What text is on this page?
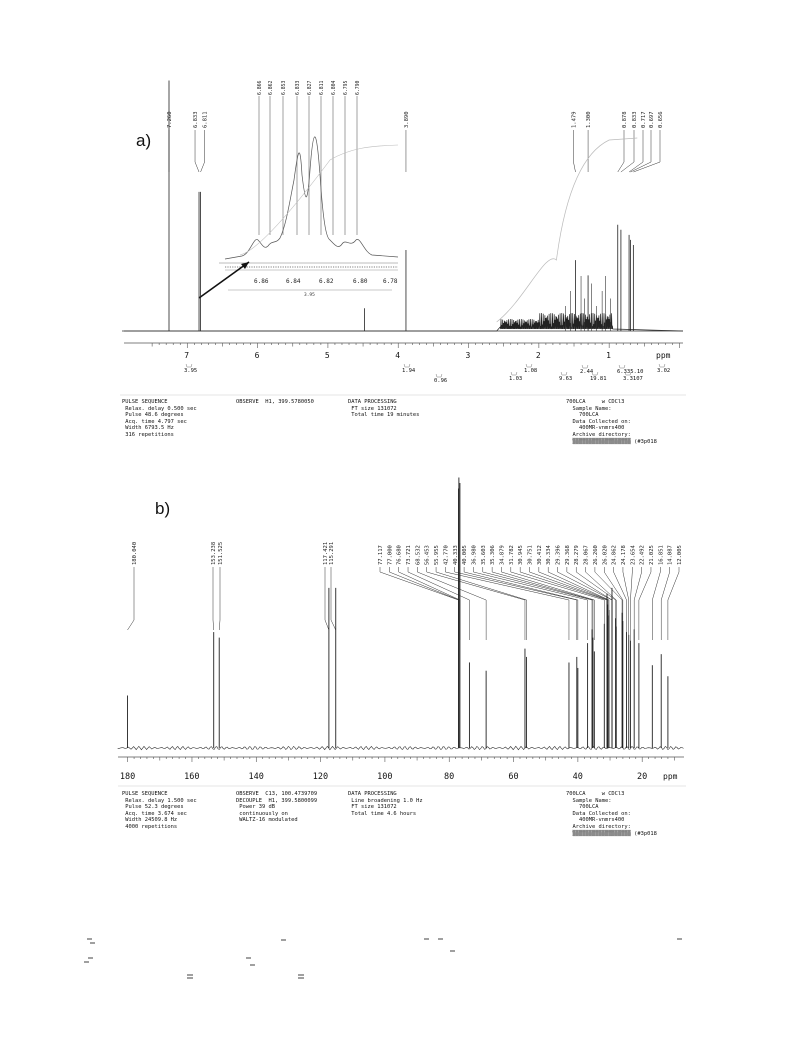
a)
7.260	6.833 6.811	3.890	1.479 1.300	0.878 0.833 0.717 0.697 0.656
6.866 6.862 6.853 6.833 6.827 6.811 6.804 6.795 6.790
6.86	6.84	6.82	6.80	6.78
3.95
7	6	5	4	3	2	1	ppm
3.95
0.96
1.94	1.08
1.03	9.63
2.44
19.81
6.335.10
3.3107
3.02
b)
180.040	153.238 151.525	117.421 115.291	77.117 77.000 76.680 73.721 68.532 56.453 55.955 42.770 40.333 40.005 36.980 35.603 35.306 34.879 31.782 30.945 30.751 30.412 30.334 29.396 29.368 28.279 28.067 26.260 26.020 24.862 24.178 23.654 22.492 21.025 16.851 14.087 12.005
180	160	140	120	100	80	60	40	20 ppm
PULSE SEQUENCE
Relax. delay 0.500 sec
Pulse 48.6 degrees
Acq. time 4.797 sec
Width 6793.5 Hz
316 repetitions
OBSERVE  H1, 399.5780050	DATA PROCESSING
FT size 131072
Total time 19 minutes
700LCA     w CDCl3
Sample Name:
700LCA
Data Collected on:
400MR-vnmrs400
Archive directory:
▒▒▒▒▒▒▒▒▒▒▒▒▒▒▒▒▒▒ (#3p018
PULSE SEQUENCE
Relax. delay 1.500 sec
Pulse 52.3 degrees
Acq. time 3.674 sec
Width 24509.8 Hz
4000 repetitions
OBSERVE  C13, 100.4739709
DECOUPLE  H1, 399.5800099
Power 39 dB
continuously on
WALTZ-16 modulated
DATA PROCESSING
Line broadening 1.0 Hz
FT size 131072
Total time 4.6 hours
700LCA     w CDCl3
Sample Name:
700LCA
Data Collected on:
400MR-vnmrs400
Archive directory:
▒▒▒▒▒▒▒▒▒▒▒▒▒▒▒▒▒▒ (#3p018
